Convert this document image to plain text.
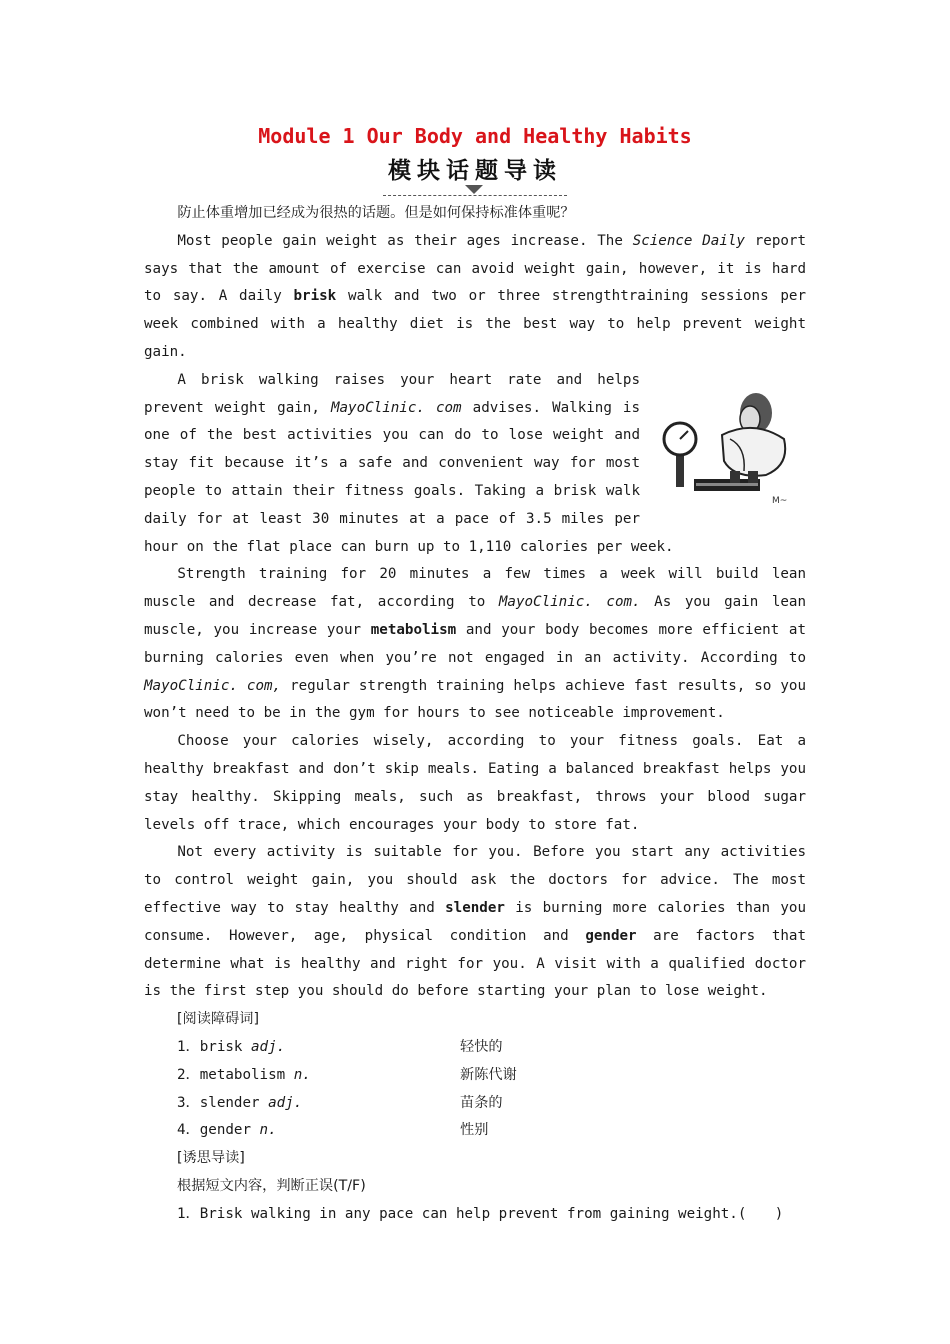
Module 1 Our Body and Healthy Habits
模块话题导读

防止体重增加已经成为很热的话题。但是如何保持标准体重呢？

Most people gain weight as their ages increase. The Science Daily report says that the amount of exercise can avoid weight gain, however, it is hard to say. A daily brisk walk and two or three strengthtraining sessions per week combined with a healthy diet is the best way to help prevent weight gain.

M~

A brisk walking raises your heart rate and helps prevent weight gain, MayoClinic. com advises. Walking is one of the best activities you can do to lose weight and stay fit because it’s a safe and convenient way for most people to attain their fitness goals. Taking a brisk walk daily for at least 30 minutes at a pace of 3.5 miles per hour on the flat place can burn up to 1,110 calories per week.

Strength training for 20 minutes a few times a week will build lean muscle and decrease fat, according to MayoClinic. com. As you gain lean muscle, you increase your metabolism and your body becomes more efficient at burning calories even when you’re not engaged in an activity. According to MayoClinic. com, regular strength training helps achieve fast results, so you won’t need to be in the gym for hours to see noticeable improvement.

Choose your calories wisely, according to your fitness goals. Eat a healthy breakfast and don’t skip meals. Eating a balanced breakfast helps you stay healthy. Skipping meals, such as breakfast, throws your blood sugar levels off trace, which encourages your body to store fat.

Not every activity is suitable for you. Before you start any activities to control weight gain, you should ask the doctors for advice. The most effective way to stay healthy and slender is burning more calories than you consume. However, age, physical condition and gender are factors that determine what is healthy and right for you. A visit with a qualified doctor is the first step you should do before starting your plan to lose weight.

[阅读障碍词]

1．brisk adj.	轻快的
2．metabolism n.	新陈代谢
3．slender adj.	苗条的
4．gender n.	性别

[诱思导读]

根据短文内容，判断正误(T/F)

1．Brisk walking in any pace can help prevent from gaining weight.(　　)
